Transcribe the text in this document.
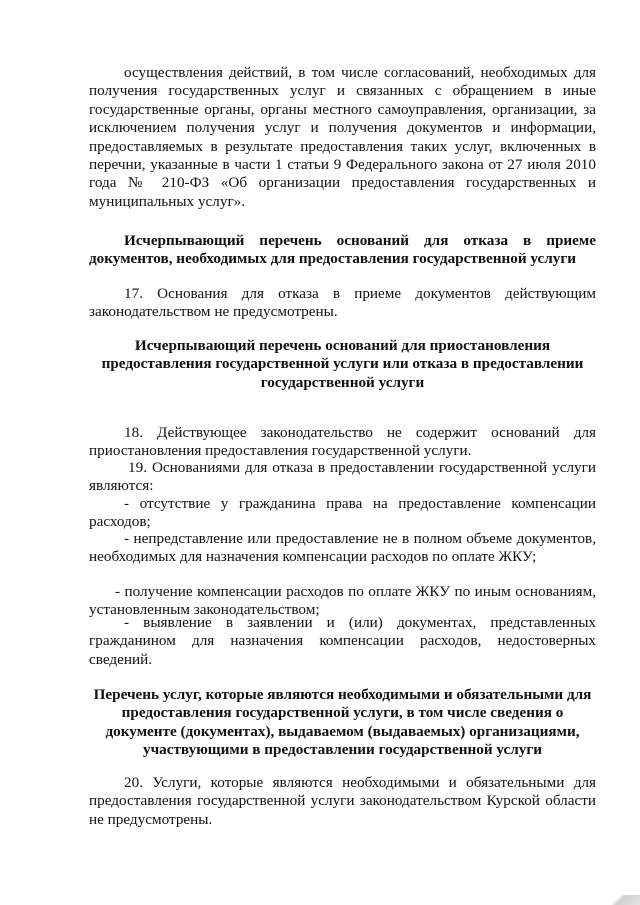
осуществления действий, в том числе согласований, необходимых для получения государственных услуг и связанных с обращением в иные государственные органы, органы местного самоуправления, организации, за исключением получения услуг и получения документов и информации, предоставляемых в результате предоставления таких услуг, включенных в перечни, указанные в части 1 статьи 9 Федерального закона от 27 июля 2010 года № 210-ФЗ «Об организации предоставления государственных и муниципальных услуг».

Исчерпывающий перечень оснований для отказа в приеме документов, необходимых для предоставления государственной услуги

17. Основания для отказа в приеме документов действующим законодательством не предусмотрены.

Исчерпывающий перечень оснований для приостановления предоставления государственной услуги или отказа в предоставлении государственной услуги

18. Действующее законодательство не содержит оснований для приостановления предоставления государственной услуги.

19. Основаниями для отказа в предоставлении государственной услуги являются:

- отсутствие у гражданина права на предоставление компенсации расходов;

- непредставление или предоставление не в полном объеме документов, необходимых для назначения компенсации расходов по оплате ЖКУ;

- получение компенсации расходов по оплате ЖКУ по иным основаниям, установленным законодательством;

- выявление в заявлении и (или) документах, представленных гражданином для назначения компенсации расходов, недостоверных сведений.

Перечень услуг, которые являются необходимыми и обязательными для предоставления государственной услуги, в том числе сведения о документе (документах), выдаваемом (выдаваемых) организациями, участвующими в предоставлении государственной услуги

20. Услуги, которые являются необходимыми и обязательными для предоставления государственной услуги законодательством Курской области не предусмотрены.
